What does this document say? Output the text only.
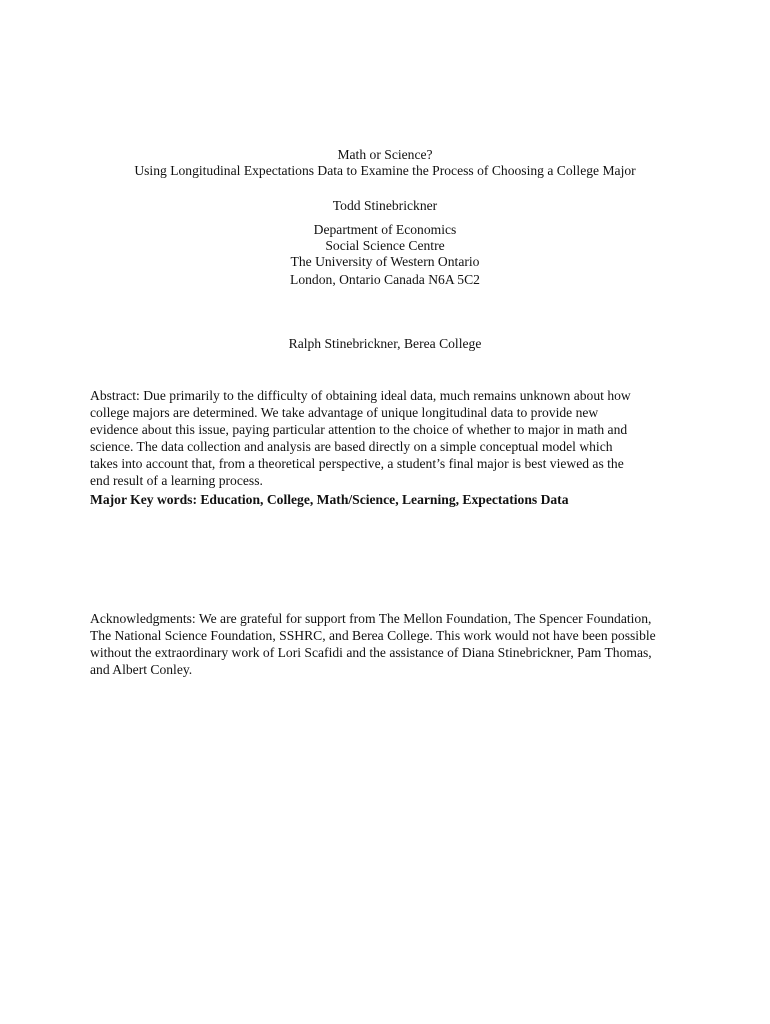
Math or Science?
Using Longitudinal Expectations Data to Examine the Process of Choosing a College Major
Todd Stinebrickner
Department of Economics
Social Science Centre
The University of Western Ontario
London, Ontario Canada N6A 5C2
Ralph Stinebrickner, Berea College
Abstract: Due primarily to the difficulty of obtaining ideal data, much remains unknown about how
college majors are determined. We take advantage of unique longitudinal data to provide new
evidence about this issue, paying particular attention to the choice of whether to major in math and
science. The data collection and analysis are based directly on a simple conceptual model which
takes into account that, from a theoretical perspective, a student’s final major is best viewed as the
end result of a learning process.
Major Key words: Education, College, Math/Science, Learning, Expectations Data
Acknowledgments: We are grateful for support from The Mellon Foundation, The Spencer Foundation,
The National Science Foundation, SSHRC, and Berea College. This work would not have been possible
without the extraordinary work of Lori Scafidi and the assistance of Diana Stinebrickner, Pam Thomas,
and Albert Conley.
